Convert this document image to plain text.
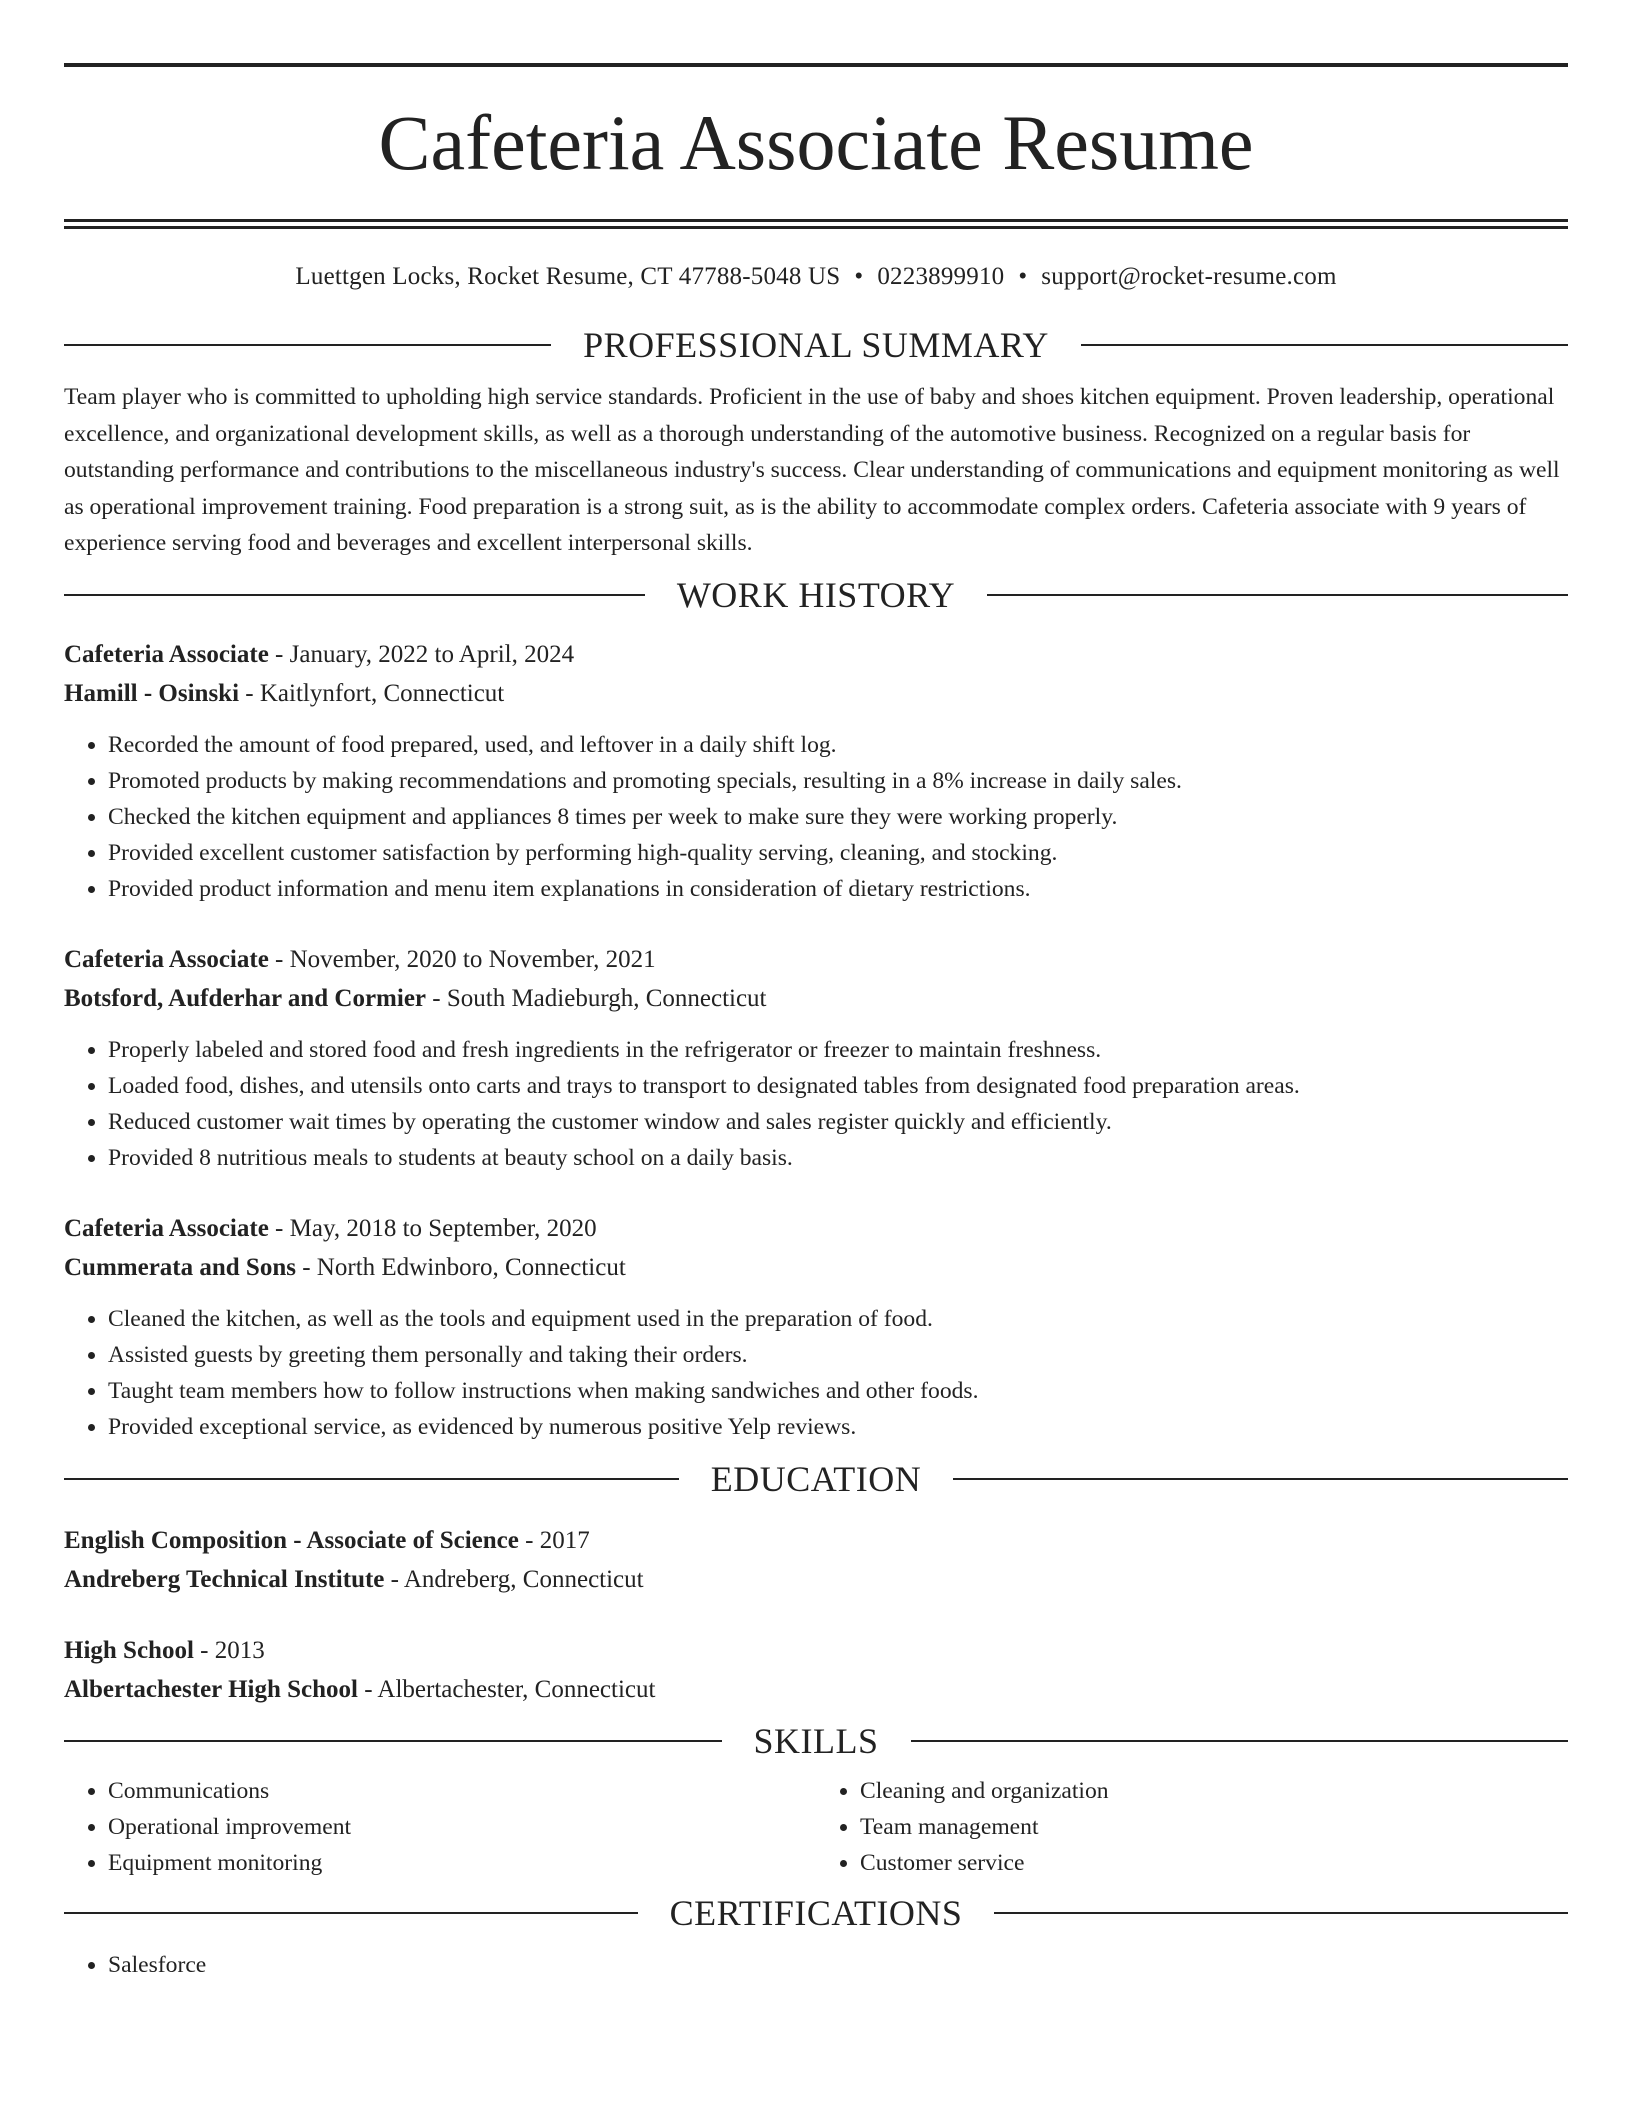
Cafeteria Associate Resume
Luettgen Locks, Rocket Resume, CT 47788-5048 US • 0223899910 • support@rocket-resume.com
PROFESSIONAL SUMMARY

Team player who is committed to upholding high service standards. Proficient in the use of baby and shoes kitchen equipment. Proven leadership, operational excellence, and organizational development skills, as well as a thorough understanding of the automotive business. Recognized on a regular basis for outstanding performance and contributions to the miscellaneous industry's success. Clear understanding of communications and equipment monitoring as well as operational improvement training. Food preparation is a strong suit, as is the ability to accommodate complex orders. Cafeteria associate with 9 years of experience serving food and beverages and excellent interpersonal skills.

WORK HISTORY

Cafeteria Associate - January, 2022 to April, 2024

Hamill - Osinski - Kaitlynfort, Connecticut

• Recorded the amount of food prepared, used, and leftover in a daily shift log.
• Promoted products by making recommendations and promoting specials, resulting in a 8% increase in daily sales.
• Checked the kitchen equipment and appliances 8 times per week to make sure they were working properly.
• Provided excellent customer satisfaction by performing high-quality serving, cleaning, and stocking.
• Provided product information and menu item explanations in consideration of dietary restrictions.

Cafeteria Associate - November, 2020 to November, 2021

Botsford, Aufderhar and Cormier - South Madieburgh, Connecticut

• Properly labeled and stored food and fresh ingredients in the refrigerator or freezer to maintain freshness.
• Loaded food, dishes, and utensils onto carts and trays to transport to designated tables from designated food preparation areas.
• Reduced customer wait times by operating the customer window and sales register quickly and efficiently.
• Provided 8 nutritious meals to students at beauty school on a daily basis.

Cafeteria Associate - May, 2018 to September, 2020

Cummerata and Sons - North Edwinboro, Connecticut

• Cleaned the kitchen, as well as the tools and equipment used in the preparation of food.
• Assisted guests by greeting them personally and taking their orders.
• Taught team members how to follow instructions when making sandwiches and other foods.
• Provided exceptional service, as evidenced by numerous positive Yelp reviews.
EDUCATION

English Composition - Associate of Science - 2017

Andreberg Technical Institute - Andreberg, Connecticut

High School - 2013

Albertachester High School - Albertachester, Connecticut

SKILLS
• Communications
• Operational improvement
• Equipment monitoring
• Cleaning and organization
• Team management
• Customer service
CERTIFICATIONS
• Salesforce
